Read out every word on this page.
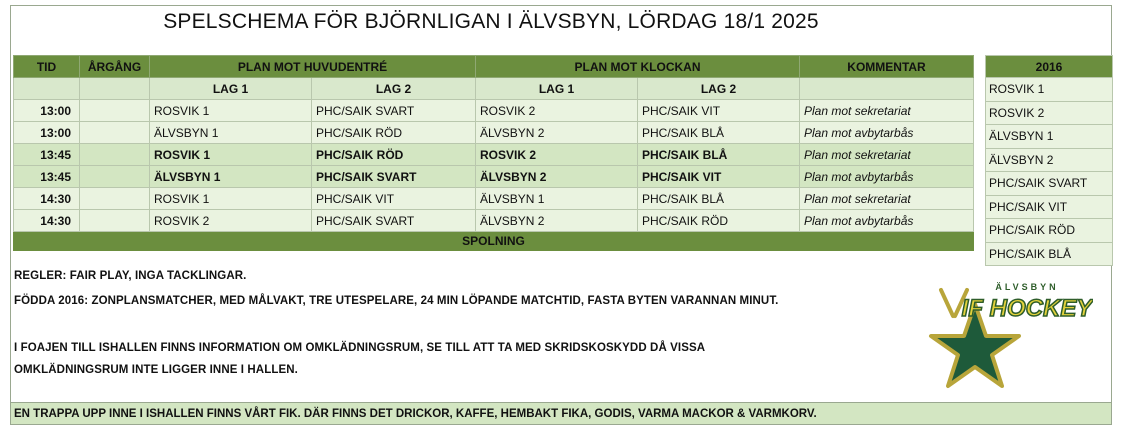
SPELSCHEMA FÖR BJÖRNLIGAN I ÄLVSBYN, LÖRDAG 18/1 2025
TID	ÅRGÅNG	PLAN MOT HUVUDENTRÉ		PLAN MOT KLOCKAN		KOMMENTAR
		LAG 1	LAG 2	LAG 1	LAG 2	
13:00		ROSVIK 1	PHC/SAIK SVART	ROSVIK 2	PHC/SAIK VIT	Plan mot sekretariat
13:00		ÄLVSBYN 1	PHC/SAIK RÖD	ÄLVSBYN 2	PHC/SAIK BLÅ	Plan mot avbytarbås
13:45		ROSVIK 1	PHC/SAIK RÖD	ROSVIK 2	PHC/SAIK BLÅ	Plan mot sekretariat
13:45		ÄLVSBYN 1	PHC/SAIK SVART	ÄLVSBYN 2	PHC/SAIK VIT	Plan mot avbytarbås
14:30		ROSVIK 1	PHC/SAIK VIT	ÄLVSBYN 1	PHC/SAIK BLÅ	Plan mot sekretariat
14:30		ROSVIK 2	PHC/SAIK SVART	ÄLVSBYN 2	PHC/SAIK RÖD	Plan mot avbytarbås
SPOLNING						
2016
ROSVIK 1
ROSVIK 2
ÄLVSBYN 1
ÄLVSBYN 2
PHC/SAIK SVART
PHC/SAIK VIT
PHC/SAIK RÖD
PHC/SAIK BLÅ
REGLER: FAIR PLAY, INGA TACKLINGAR.
FÖDDA 2016: ZONPLANSMATCHER, MED MÅLVAKT, TRE UTESPELARE, 24 MIN LÖPANDE MATCHTID, FASTA BYTEN VARANNAN MINUT.
I FOAJEN TILL ISHALLEN FINNS INFORMATION OM OMKLÄDNINGSRUM, SE TILL ATT TA MED SKRIDSKOSKYDD DÅ VISSA
OMKLÄDNINGSRUM INTE LIGGER INNE I HALLEN.
ÄLVSBYN
IF HOCKEY
EN TRAPPA UPP INNE I ISHALLEN FINNS VÅRT FIK. DÄR FINNS DET DRICKOR, KAFFE, HEMBAKT FIKA, GODIS, VARMA MACKOR & VARMKORV.
